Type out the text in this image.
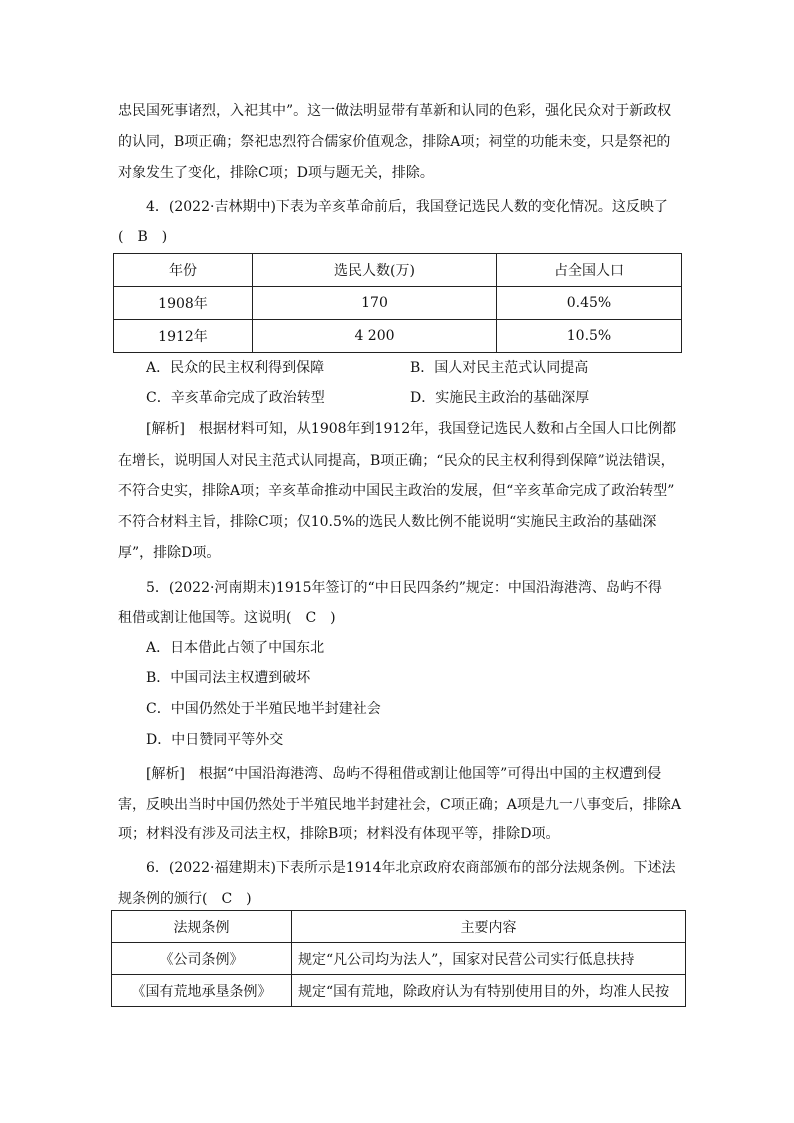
忠民国死事诸烈，入祀其中”。这一做法明显带有革新和认同的色彩，强化民众对于新政权
的认同，B项正确；祭祀忠烈符合儒家价值观念，排除A项；祠堂的功能未变，只是祭祀的
对象发生了变化，排除C项；D项与题无关，排除。
4．(2022·吉林期中)下表为辛亥革命前后，我国登记选民人数的变化情况。这反映了
(　B　)
年份	选民人数(万)	占全国人口
1908年	170	0.45%
1912年	4 200	10.5%
A．民众的民主权利得到保障	B．国人对民主范式认同提高
C．辛亥革命完成了政治转型	D．实施民主政治的基础深厚
[解析]　根据材料可知，从1908年到1912年，我国登记选民人数和占全国人口比例都
在增长，说明国人对民主范式认同提高，B项正确；“民众的民主权利得到保障”说法错误，
不符合史实，排除A项；辛亥革命推动中国民主政治的发展，但“辛亥革命完成了政治转型”
不符合材料主旨，排除C项；仅10.5%的选民人数比例不能说明“实施民主政治的基础深
厚”，排除D项。
5．(2022·河南期末)1915年签订的“中日民四条约”规定：中国沿海港湾、岛屿不得
租借或割让他国等。这说明(　C　)
A．日本借此占领了中国东北
B．中国司法主权遭到破坏
C．中国仍然处于半殖民地半封建社会
D．中日赞同平等外交
[解析]　根据“中国沿海港湾、岛屿不得租借或割让他国等”可得出中国的主权遭到侵
害，反映出当时中国仍然处于半殖民地半封建社会，C项正确；A项是九一八事变后，排除A
项；材料没有涉及司法主权，排除B项；材料没有体现平等，排除D项。
6．(2022·福建期末)下表所示是1914年北京政府农商部颁布的部分法规条例。下述法
规条例的颁行(　C　)
法规条例	主要内容
《公司条例》	规定“凡公司均为法人”，国家对民营公司实行低息扶持
《国有荒地承垦条例》	规定“国有荒地，除政府认为有特别使用目的外，均准人民按
